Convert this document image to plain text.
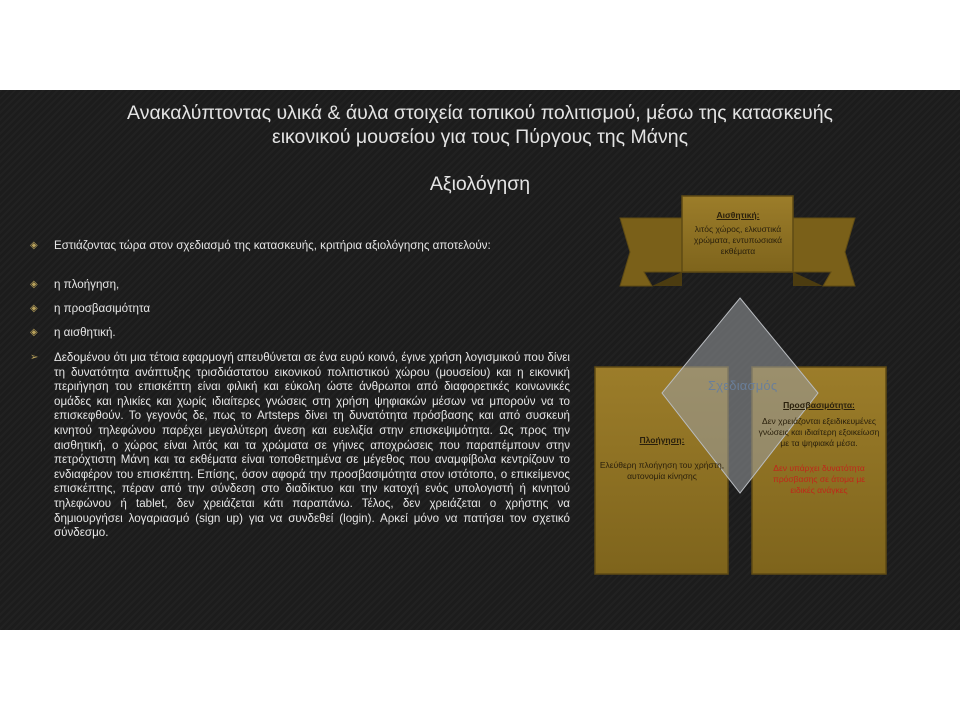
Ανακαλύπτοντας υλικά & άυλα στοιχεία τοπικού πολιτισμού, μέσω της κατασκευής εικονικού μουσείου για τους Πύργους της Μάνης
Αξιολόγηση

◈ Εστιάζοντας τώρα στον σχεδιασμό της κατασκευής, κριτήρια αξιολόγησης αποτελούν:

◈ η πλοήγηση,

◈ η προσβασιμότητα

◈ η αισθητική.

➢ Δεδομένου ότι μια τέτοια εφαρμογή απευθύνεται σε ένα ευρύ κοινό, έγινε χρήση λογισμικού που δίνει τη δυνατότητα ανάπτυξης τρισδιάστατου εικονικού πολιτιστικού χώρου (μουσείου) και η εικονική περιήγηση του επισκέπτη είναι φιλική και εύκολη ώστε άνθρωποι από διαφορετικές κοινωνικές ομάδες και ηλικίες και χωρίς ιδιαίτερες γνώσεις στη χρήση ψηφιακών μέσων να μπορούν να το επισκεφθούν. Το γεγονός δε, πως το Artsteps δίνει τη δυνατότητα πρόσβασης και από συσκευή κινητού τηλεφώνου παρέχει μεγαλύτερη άνεση και ευελιξία στην επισκεψιμότητα. Ως προς την αισθητική, ο χώρος είναι λιτός και τα χρώματα σε γήινες αποχρώσεις που παραπέμπουν στην πετρόχτιστη Μάνη και τα εκθέματα είναι τοποθετημένα σε μέγεθος που αναμφίβολα κεντρίζουν το ενδιαφέρον του επισκέπτη. Επίσης, όσον αφορά την προσβασιμότητα στον ιστότοπο, ο επικείμενος επισκέπτης, πέραν από την σύνδεση στο διαδίκτυο και την κατοχή ενός υπολογιστή ή κινητού τηλεφώνου ή tablet, δεν χρειάζεται κάτι παραπάνω. Τέλος, δεν χρειάζεται ο χρήστης να δημιουργήσει λογαριασμό (sign up) για να συνδεθεί (login). Αρκεί μόνο να πατήσει τον σχετικό σύνδεσμο.

Αισθητική:
λιτός χώρος, ελκυστικά χρώματα, εντυπωσιακά εκθέματα
Σχεδιασμός
Πλοήγηση:
Ελεύθερη πλοήγηση του χρήστη, αυτονομία κίνησης
Προσβασιμότητα:
Δεν χρειάζονται εξειδικευμένες γνώσεις και ιδιαίτερη εξοικείωση με τα ψηφιακά μέσα.
Δεν υπάρχει δυνατότητα πρόσβασης σε άτομα με ειδικές ανάγκες
